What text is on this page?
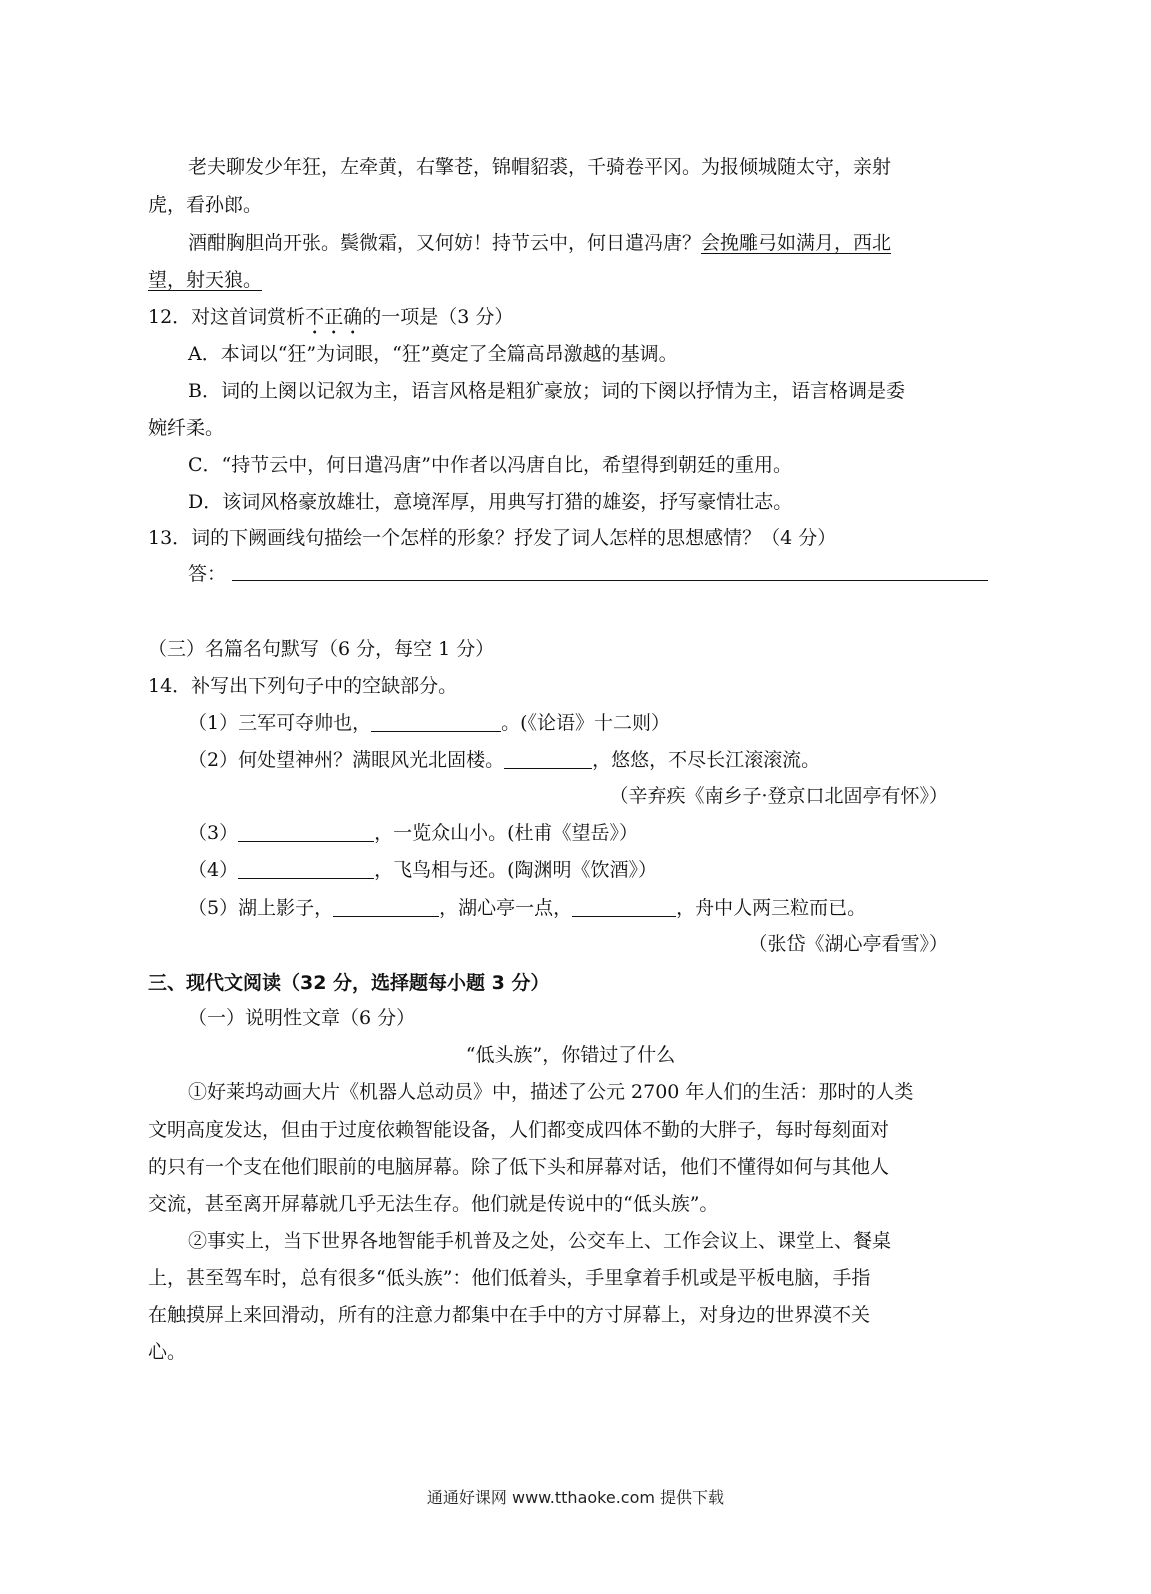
老夫聊发少年狂，左牵黄，右擎苍，锦帽貂裘，千骑卷平冈。为报倾城随太守，亲射
虎，看孙郎。
酒酣胸胆尚开张。鬓微霜，又何妨！持节云中，何日遣冯唐？会挽雕弓如满月，西北
望，射天狼。
12．对这首词赏析不正确的一项是（3 分）
A．本词以“狂”为词眼，“狂”奠定了全篇高昂激越的基调。
B．词的上阕以记叙为主，语言风格是粗犷豪放；词的下阕以抒情为主，语言格调是委
婉纤柔。
C．“持节云中，何日遣冯唐”中作者以冯唐自比，希望得到朝廷的重用。
D．该词风格豪放雄壮，意境浑厚，用典写打猎的雄姿，抒写豪情壮志。
13．词的下阙画线句描绘一个怎样的形象？抒发了词人怎样的思想感情？（4 分）
答：
（三）名篇名句默写（6 分，每空 1 分）
14．补写出下列句子中的空缺部分。
（1）三军可夺帅也，	。(《论语》十二则）
（2）何处望神州？满眼风光北固楼。	，悠悠，不尽长江滚滚流。
（辛弃疾《南乡子·登京口北固亭有怀》）
（3）	，一览众山小。(杜甫《望岳》）
（4）	，飞鸟相与还。(陶渊明《饮酒》）
（5）湖上影子，	，湖心亭一点，	，舟中人两三粒而已。
（张岱《湖心亭看雪》）
三、现代文阅读（32 分，选择题每小题 3 分）
（一）说明性文章（6 分）
“低头族”，你错过了什么
①好莱坞动画大片《机器人总动员》中，描述了公元 2700 年人们的生活：那时的人类
文明高度发达，但由于过度依赖智能设备，人们都变成四体不勤的大胖子，每时每刻面对
的只有一个支在他们眼前的电脑屏幕。除了低下头和屏幕对话，他们不懂得如何与其他人
交流，甚至离开屏幕就几乎无法生存。他们就是传说中的“低头族”。
②事实上，当下世界各地智能手机普及之处，公交车上、工作会议上、课堂上、餐桌
上，甚至驾车时，总有很多“低头族”：他们低着头，手里拿着手机或是平板电脑，手指
在触摸屏上来回滑动，所有的注意力都集中在手中的方寸屏幕上，对身边的世界漠不关
心。
通通好课网 www.tthaoke.com 提供下载
